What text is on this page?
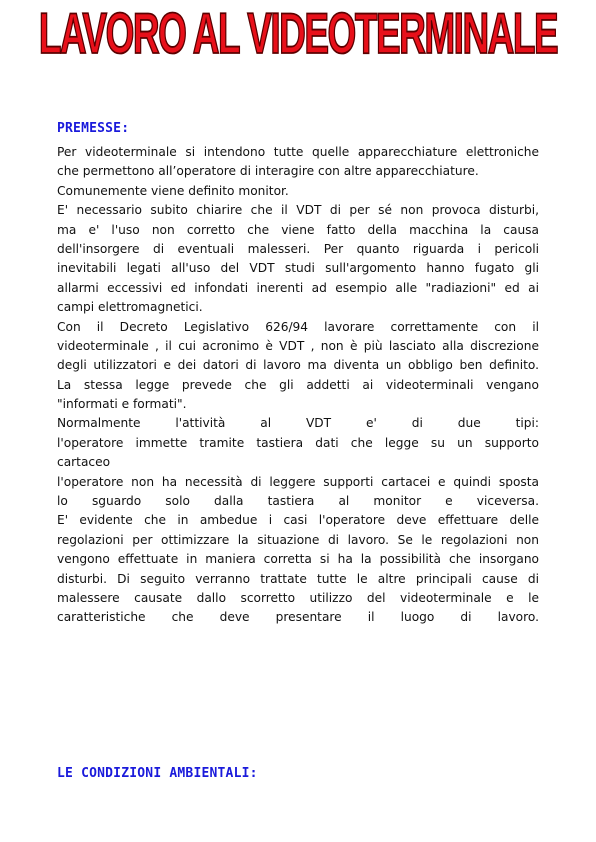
LAVORO AL VIDEOTERMINALE
PREMESSE:
Per videoterminale si intendono tutte quelle apparecchiature elettroniche
che permettono all’operatore di interagire con altre apparecchiature.
Comunemente viene definito monitor.
E' necessario subito chiarire che il VDT di per sé non provoca disturbi,
ma e' l'uso non corretto che viene fatto della macchina la causa
dell'insorgere di eventuali malesseri. Per quanto riguarda i pericoli
inevitabili legati all'uso del VDT studi sull'argomento hanno fugato gli
allarmi eccessivi ed infondati inerenti ad esempio alle "radiazioni" ed ai
campi elettromagnetici.
Con il Decreto Legislativo 626/94 lavorare correttamente con il
videoterminale , il cui acronimo è VDT , non è più lasciato alla discrezione
degli utilizzatori e dei datori di lavoro ma diventa un obbligo ben definito.
La stessa legge prevede che gli addetti ai videoterminali vengano
"informati e formati".
Normalmente l'attività al VDT e' di due tipi:
l'operatore immette tramite tastiera dati che legge su un supporto
cartaceo
l'operatore non ha necessità di leggere supporti cartacei e quindi sposta
lo sguardo solo dalla tastiera al monitor e viceversa.
E' evidente che in ambedue i casi l'operatore deve effettuare delle
regolazioni per ottimizzare la situazione di lavoro. Se le regolazioni non
vengono effettuate in maniera corretta si ha la possibilità che insorgano
disturbi. Di seguito verranno trattate tutte le altre principali cause di
malessere causate dallo scorretto utilizzo del videoterminale e le
caratteristiche che deve presentare il luogo di lavoro.
LE CONDIZIONI AMBIENTALI:
